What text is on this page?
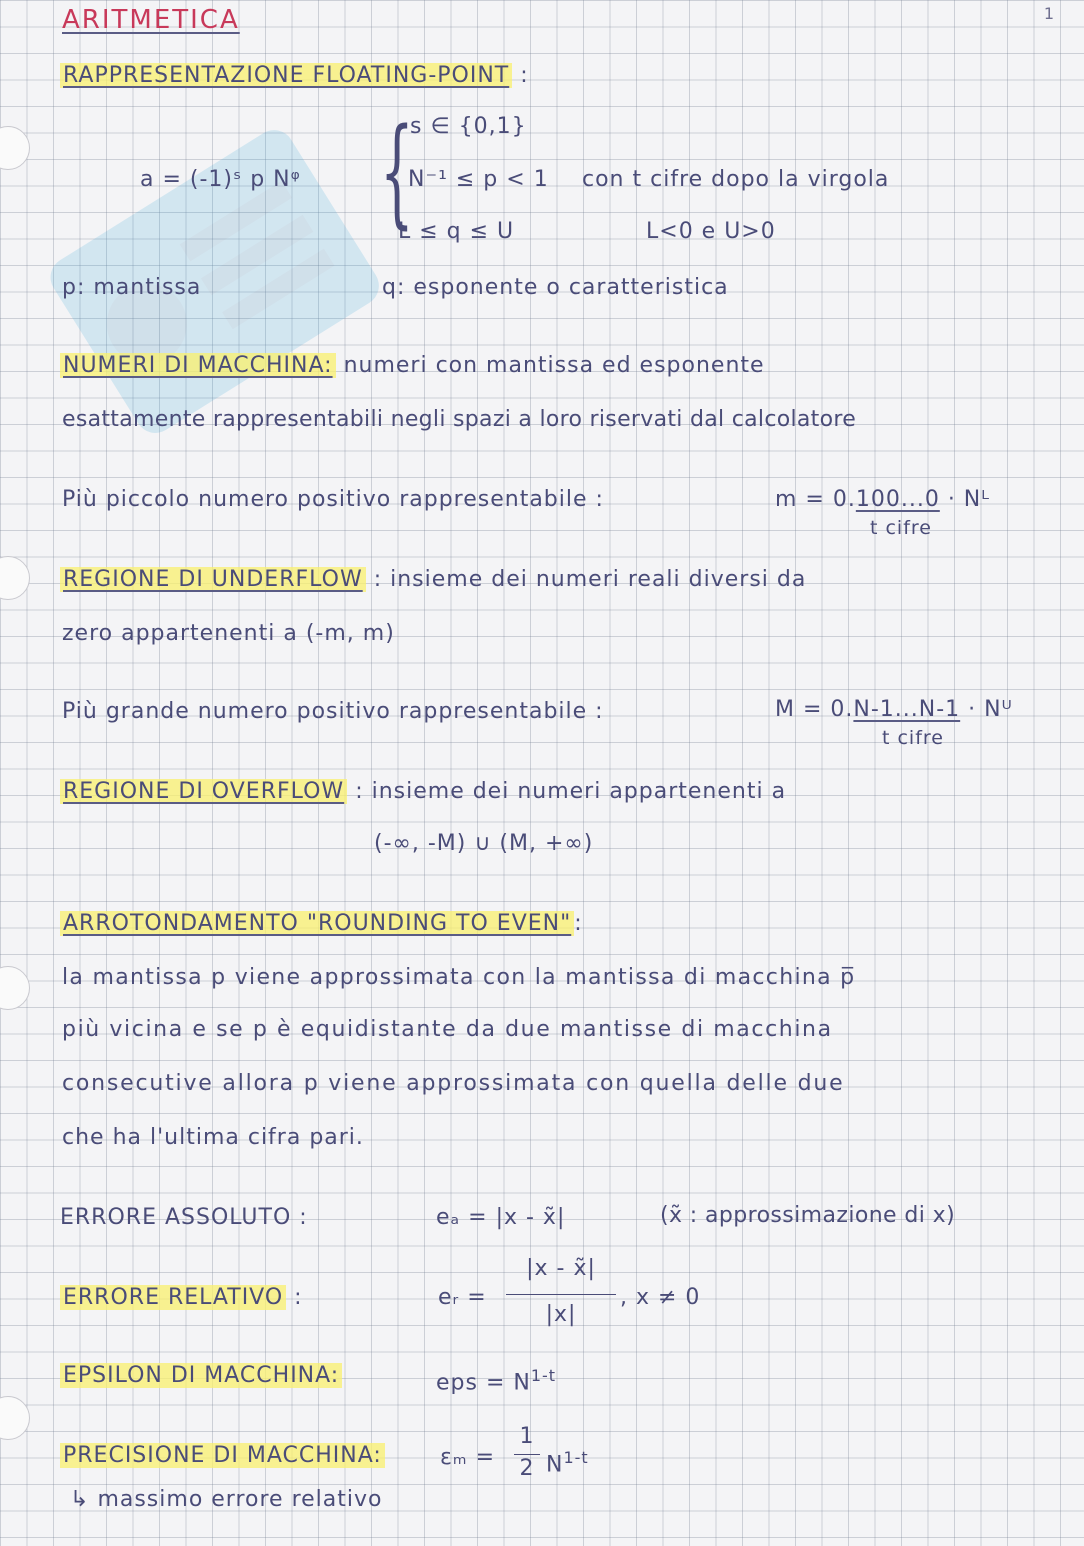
1
ARITMETICA
RAPPRESENTAZIONE FLOATING-POINT :
a = (-1)ˢ p Nᵠ {
s ∈ {0,1}
N⁻¹ ≤ p < 1 con t cifre dopo la virgola
L ≤ q ≤ U	L<0 e U>0
p: mantissa	q: esponente o caratteristica
NUMERI DI MACCHINA: numeri con mantissa ed esponente
esattamente rappresentabili negli spazi a loro riservati dal calcolatore
Più piccolo numero positivo rappresentabile :	m = 0.100...0 · Nᴸ
t cifre
REGIONE DI UNDERFLOW : insieme dei numeri reali diversi da
zero appartenenti a (-m, m)
Più grande numero positivo rappresentabile :	M = 0.N-1...N-1 · Nᵁ
t cifre
REGIONE DI OVERFLOW : insieme dei numeri appartenenti a
(-∞, -M) ∪ (M, +∞)
ARROTONDAMENTO "ROUNDING TO EVEN" :
la mantissa p viene approssimata con la mantissa di macchina p̅
più vicina e se p è equidistante da due mantisse di macchina
consecutive allora p viene approssimata con quella delle due
che ha l'ultima cifra pari.
ERRORE ASSOLUTO :	eₐ = |x - x̃|	(x̃ : approssimazione di x)
ERRORE RELATIVO :	eᵣ =
|x - x̃|
|x|
, x ≠ 0
EPSILON DI MACCHINA:	eps = $N^{1-t}$
PRECISIONE DI MACCHINA:	εₘ =
1
2 $N^{1-t}$
↳ massimo errore relativo
